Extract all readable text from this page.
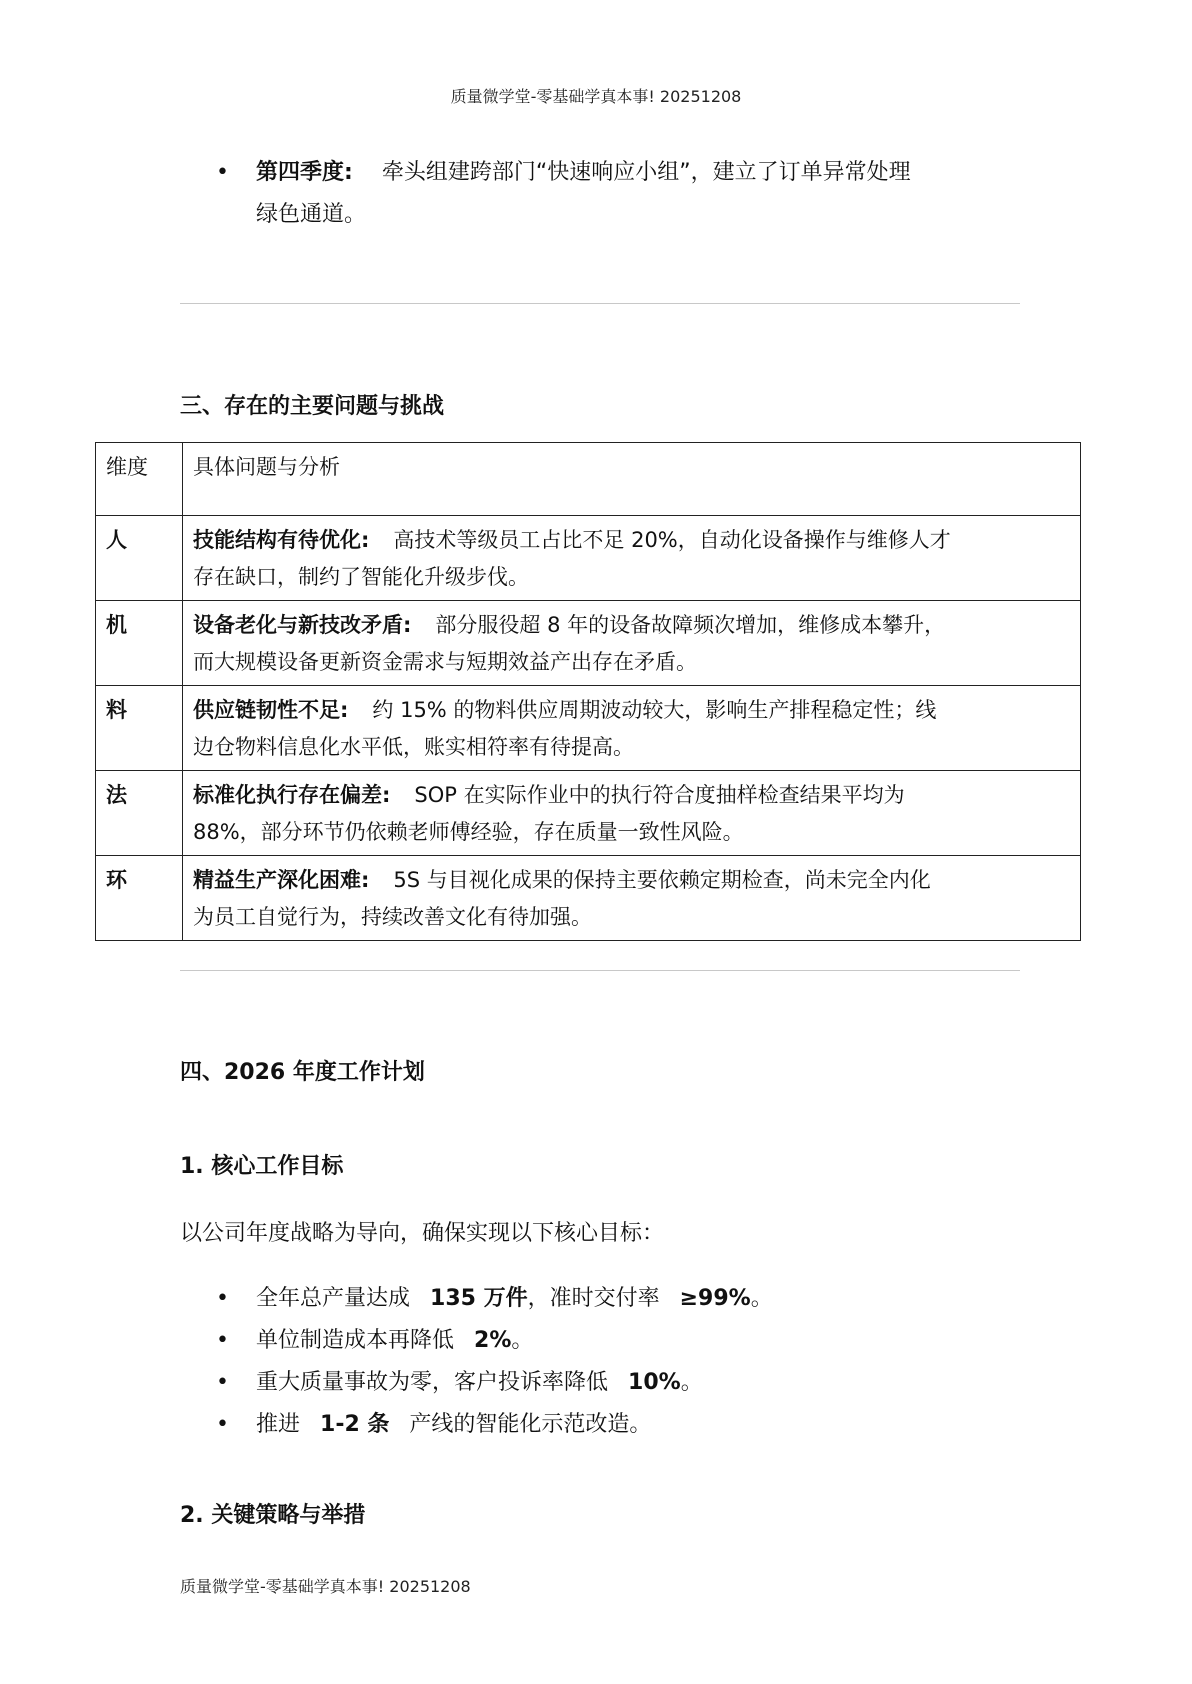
质量微学堂-零基础学真本事! 20251208
•	第四季度: 牵头组建跨部门“快速响应小组”，建立了订单异常处理
绿色通道。
三、存在的主要问题与挑战
维度	具体问题与分析
人	技能结构有待优化: 高技术等级员工占比不足 20%，自动化设备操作与维修人才
存在缺口，制约了智能化升级步伐。
机	设备老化与新技改矛盾: 部分服役超 8 年的设备故障频次增加，维修成本攀升，
而大规模设备更新资金需求与短期效益产出存在矛盾。
料	供应链韧性不足: 约 15% 的物料供应周期波动较大，影响生产排程稳定性；线
边仓物料信息化水平低，账实相符率有待提高。
法	标准化执行存在偏差: SOP 在实际作业中的执行符合度抽样检查结果平均为
88%，部分环节仍依赖老师傅经验，存在质量一致性风险。
环	精益生产深化困难: 5S 与目视化成果的保持主要依赖定期检查，尚未完全内化
为员工自觉行为，持续改善文化有待加强。
四、2026 年度工作计划
1. 核心工作目标
以公司年度战略为导向，确保实现以下核心目标：
•	全年总产量达成 135 万件，准时交付率 ≥99%。
•	单位制造成本再降低 2%。
•	重大质量事故为零，客户投诉率降低 10%。
•	推进 1-2 条 产线的智能化示范改造。
2. 关键策略与举措
质量微学堂-零基础学真本事! 20251208
